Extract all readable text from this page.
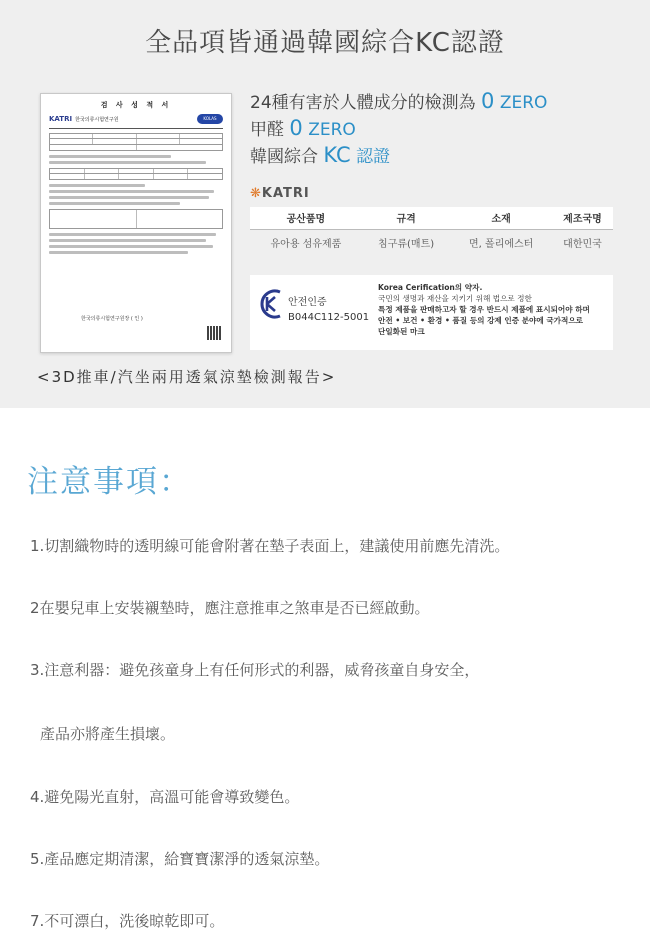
全品項皆通過韓國綜合KC認證
검 사 성 적 서
KATRI 한국의류시험연구원	KOLAS
한국의류시험연구원장 ( 인 )
24種有害於人體成分的檢測為 0 ZERO
甲醛 0 ZERO
韓國綜合 KC 認證
❋KATRI
공산품명	규격	소재	제조국명
유아용 섬유제품	침구류(매트)	면, 폴리에스터	대한민국
안전인증
B044C112-5001
Korea Cerification의 약자.
국민의 생명과 재산을 지키기 위해 법으로 정한
특정 제품을 판매하고자 할 경우 반드시 제품에 표시되어야 하며
안전 • 보건 • 환경 • 품질 등의 강제 인증 분야에 국가적으로
단일화된 마크
<3D推車/汽坐兩用透氣涼墊檢測報告>
注意事項：
1.切割織物時的透明線可能會附著在墊子表面上，建議使用前應先清洗。
2在嬰兒車上安裝襯墊時，應注意推車之煞車是否已經啟動。
3.注意利器：避免孩童身上有任何形式的利器，威脅孩童自身安全，
產品亦將產生損壞。
4.避免陽光直射，高溫可能會導致變色。
5.產品應定期清潔，給寶寶潔淨的透氣涼墊。
7.不可漂白，洗後晾乾即可。
